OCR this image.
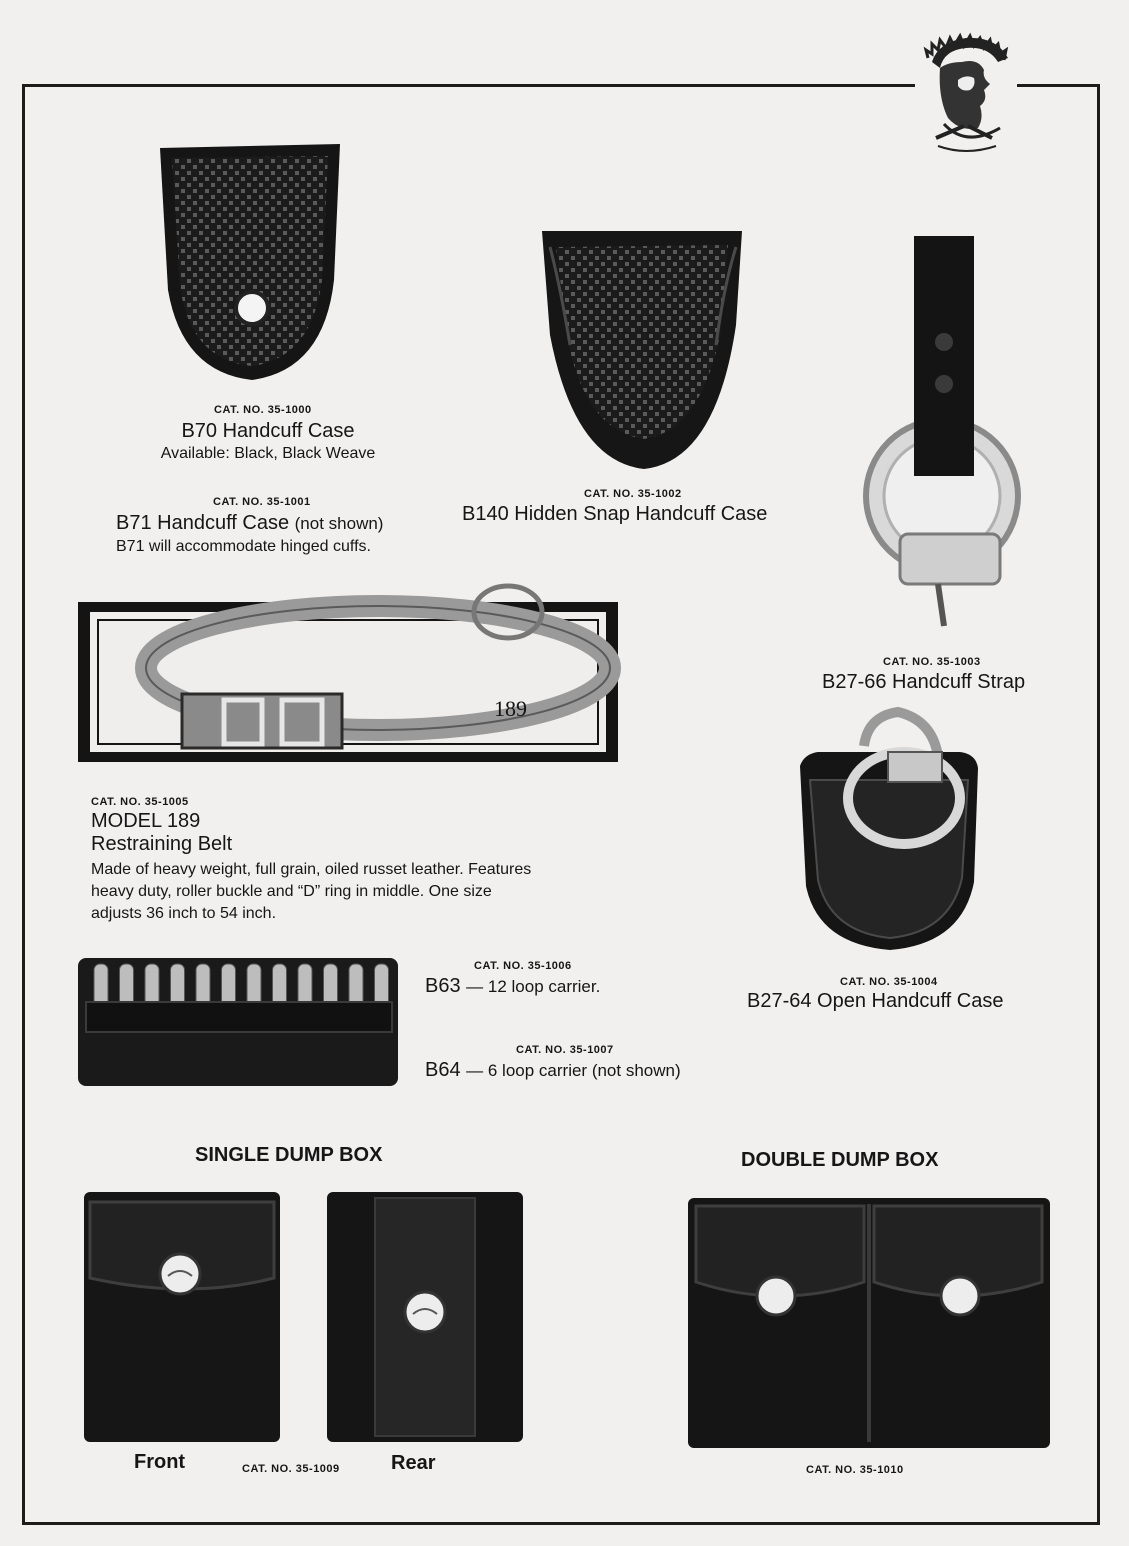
CAT. NO. 35-1000
B70 Handcuff Case
Available: Black, Black Weave
CAT. NO. 35-1001
B71 Handcuff Case (not shown)
B71 will accommodate hinged cuffs.
CAT. NO. 35-1002
B140 Hidden Snap Handcuff Case
CAT. NO. 35-1003
B27-66 Handcuff Strap
189
CAT. NO. 35-1005
MODEL 189
Restraining Belt
Made of heavy weight, full grain, oiled russet leather. Features
heavy duty, roller buckle and “D” ring in middle. One size
adjusts 36 inch to 54 inch.
CAT. NO. 35-1004
B27-64 Open Handcuff Case
CAT. NO. 35-1006
B63 — 12 loop carrier.
CAT. NO. 35-1007
B64 — 6 loop carrier (not shown)
SINGLE DUMP BOX
Front	CAT. NO. 35-1009	Rear
DOUBLE DUMP BOX
CAT. NO. 35-1010
